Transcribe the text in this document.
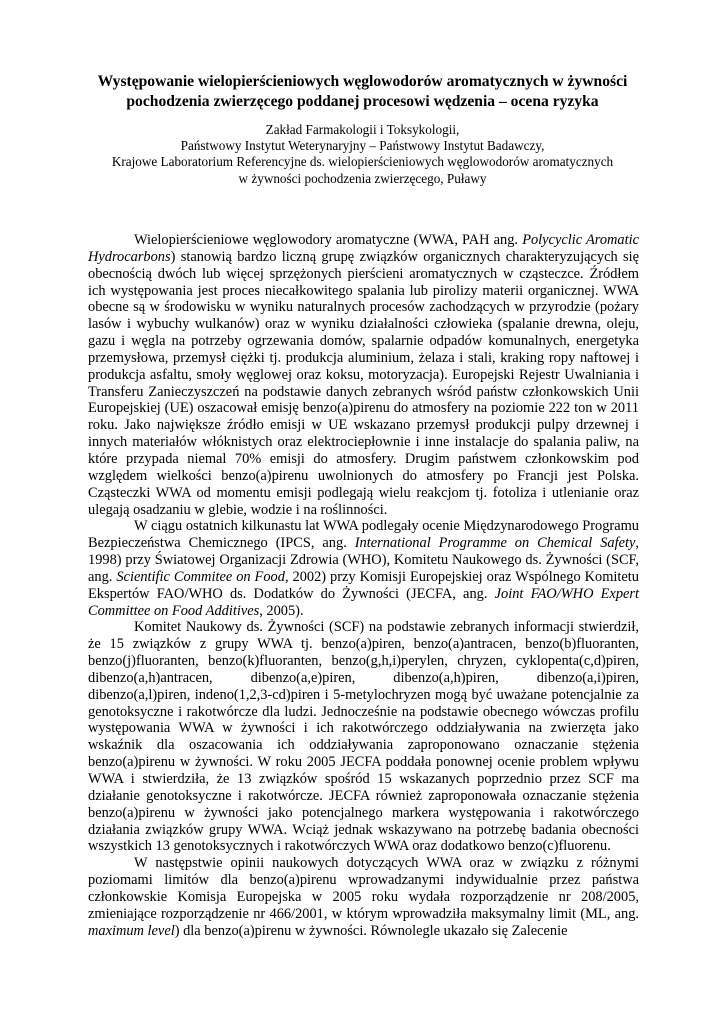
Występowanie wielopierścieniowych węglowodorów aromatycznych w żywności
pochodzenia zwierzęcego poddanej procesowi wędzenia – ocena ryzyka
Zakład Farmakologii i Toksykologii,
Państwowy Instytut Weterynaryjny – Państwowy Instytut Badawczy,
Krajowe Laboratorium Referencyjne ds. wielopierścieniowych węglowodorów aromatycznych
w żywności pochodzenia zwierzęcego, Puławy

Wielopierścieniowe węglowodory aromatyczne (WWA, PAH ang. Polycyclic Aromatic Hydrocarbons) stanowią bardzo liczną grupę związków organicznych charakteryzujących się obecnością dwóch lub więcej sprzężonych pierścieni aromatycznych w cząsteczce. Źródłem ich występowania jest proces niecałkowitego spalania lub pirolizy materii organicznej. WWA obecne są w środowisku w wyniku naturalnych procesów zachodzących w przyrodzie (pożary lasów i wybuchy wulkanów) oraz w wyniku działalności człowieka (spalanie drewna, oleju, gazu i węgla na potrzeby ogrzewania domów, spalarnie odpadów komunalnych, energetyka przemysłowa, przemysł ciężki tj. produkcja aluminium, żelaza i stali, kraking ropy naftowej i produkcja asfaltu, smoły węglowej oraz koksu, motoryzacja). Europejski Rejestr Uwalniania i Transferu Zanieczyszczeń na podstawie danych zebranych wśród państw członkowskich Unii Europejskiej (UE) oszacował emisję benzo(a)pirenu do atmosfery na poziomie 222 ton w 2011 roku. Jako największe źródło emisji w UE wskazano przemysł produkcji pulpy drzewnej i innych materiałów włóknistych oraz elektrociepłownie i inne instalacje do spalania paliw, na które przypada niemal 70% emisji do atmosfery. Drugim państwem członkowskim pod względem wielkości benzo(a)pirenu uwolnionych do atmosfery po Francji jest Polska. Cząsteczki WWA od momentu emisji podlegają wielu reakcjom tj. fotoliza i utlenianie oraz ulegają osadzaniu w glebie, wodzie i na roślinności.

W ciągu ostatnich kilkunastu lat WWA podlegały ocenie Międzynarodowego Programu Bezpieczeństwa Chemicznego (IPCS, ang. International Programme on Chemical Safety, 1998) przy Światowej Organizacji Zdrowia (WHO), Komitetu Naukowego ds. Żywności (SCF, ang. Scientific Commitee on Food, 2002) przy Komisji Europejskiej oraz Wspólnego Komitetu Ekspertów FAO/WHO ds. Dodatków do Żywności (JECFA, ang. Joint FAO/WHO Expert Committee on Food Additives, 2005).

Komitet Naukowy ds. Żywności (SCF) na podstawie zebranych informacji stwierdził, że 15 związków z grupy WWA tj. benzo(a)piren, benzo(a)antracen, benzo(b)fluoranten, benzo(j)fluoranten, benzo(k)fluoranten, benzo(g,h,i)perylen, chryzen, cyklopenta(c,d)piren, dibenzo(a,h)antracen, dibenzo(a,e)piren, dibenzo(a,h)piren, dibenzo(a,i)piren, dibenzo(a,l)piren, indeno(1,2,3-cd)piren i 5-metylochryzen mogą być uważane potencjalnie za genotoksyczne i rakotwórcze dla ludzi. Jednocześnie na podstawie obecnego wówczas profilu występowania WWA w żywności i ich rakotwórczego oddziaływania na zwierzęta jako wskaźnik dla oszacowania ich oddziaływania zaproponowano oznaczanie stężenia benzo(a)pirenu w żywności. W roku 2005 JECFA poddała ponownej ocenie problem wpływu WWA i stwierdziła, że 13 związków spośród 15 wskazanych poprzednio przez SCF ma działanie genotoksyczne i rakotwórcze. JECFA również zaproponowała oznaczanie stężenia benzo(a)pirenu w żywności jako potencjalnego markera występowania i rakotwórczego działania związków grupy WWA. Wciąż jednak wskazywano na potrzebę badania obecności wszystkich 13 genotoksycznych i rakotwórczych WWA oraz dodatkowo benzo(c)fluorenu.

W następstwie opinii naukowych dotyczących WWA oraz w związku z różnymi poziomami limitów dla benzo(a)pirenu wprowadzanymi indywidualnie przez państwa członkowskie Komisja Europejska w 2005 roku wydała rozporządzenie nr 208/2005, zmieniające rozporządzenie nr 466/2001, w którym wprowadziła maksymalny limit (ML, ang. maximum level) dla benzo(a)pirenu w żywności. Równolegle ukazało się Zalecenie
